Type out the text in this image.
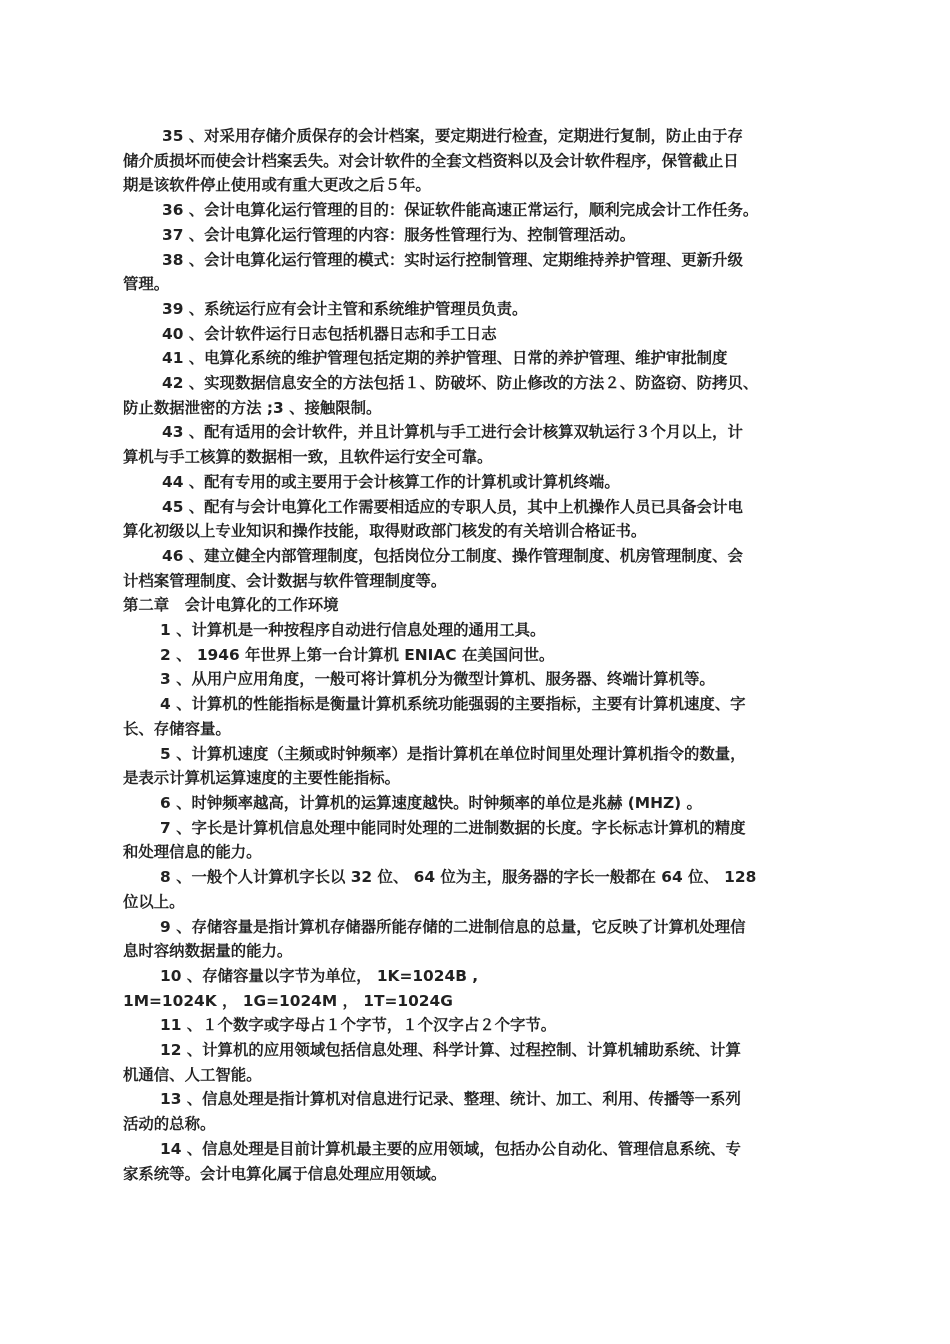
35 、对采用存储介质保存的会计档案，要定期进行检查，定期进行复制，防止由于存
储介质损坏而使会计档案丢失。对会计软件的全套文档资料以及会计软件程序，保管截止日
期是该软件停止使用或有重大更改之后５年。
36 、会计电算化运行管理的目的：保证软件能高速正常运行，顺利完成会计工作任务。
37 、会计电算化运行管理的内容：服务性管理行为、控制管理活动。
38 、会计电算化运行管理的模式：实时运行控制管理、定期维持养护管理、更新升级
管理。
39 、系统运行应有会计主管和系统维护管理员负责。
40 、会计软件运行日志包括机器日志和手工日志
41 、电算化系统的维护管理包括定期的养护管理、日常的养护管理、维护审批制度
42 、实现数据信息安全的方法包括１、防破坏、防止修改的方法２、防盗窃、防拷贝、
防止数据泄密的方法 ;3 、接触限制。
43 、配有适用的会计软件，并且计算机与手工进行会计核算双轨运行３个月以上，计
算机与手工核算的数据相一致，且软件运行安全可靠。
44 、配有专用的或主要用于会计核算工作的计算机或计算机终端。
45 、配有与会计电算化工作需要相适应的专职人员，其中上机操作人员已具备会计电
算化初级以上专业知识和操作技能，取得财政部门核发的有关培训合格证书。
46 、建立健全内部管理制度，包括岗位分工制度、操作管理制度、机房管理制度、会
计档案管理制度、会计数据与软件管理制度等。
第二章　会计电算化的工作环境
1 、计算机是一种按程序自动进行信息处理的通用工具。
2 、 1946 年世界上第一台计算机 ENIAC 在美国问世。
3 、从用户应用角度，一般可将计算机分为微型计算机、服务器、终端计算机等。
4 、计算机的性能指标是衡量计算机系统功能强弱的主要指标，主要有计算机速度、字
长、存储容量。
5 、计算机速度（主频或时钟频率）是指计算机在单位时间里处理计算机指令的数量，
是表示计算机运算速度的主要性能指标。
6 、时钟频率越高，计算机的运算速度越快。时钟频率的单位是兆赫 (MHZ) 。
7 、字长是计算机信息处理中能同时处理的二进制数据的长度。字长标志计算机的精度
和处理信息的能力。
8 、一般个人计算机字长以 32 位、 64 位为主，服务器的字长一般都在 64 位、 128
位以上。
9 、存储容量是指计算机存储器所能存储的二进制信息的总量，它反映了计算机处理信
息时容纳数据量的能力。
10 、存储容量以字节为单位， 1K=1024B ,
1M=1024K ， 1G=1024M ， 1T=1024G
11 、１个数字或字母占１个字节，１个汉字占２个字节。
12 、计算机的应用领域包括信息处理、科学计算、过程控制、计算机辅助系统、计算
机通信、人工智能。
13 、信息处理是指计算机对信息进行记录、整理、统计、加工、利用、传播等一系列
活动的总称。
14 、信息处理是目前计算机最主要的应用领域，包括办公自动化、管理信息系统、专
家系统等。会计电算化属于信息处理应用领域。
